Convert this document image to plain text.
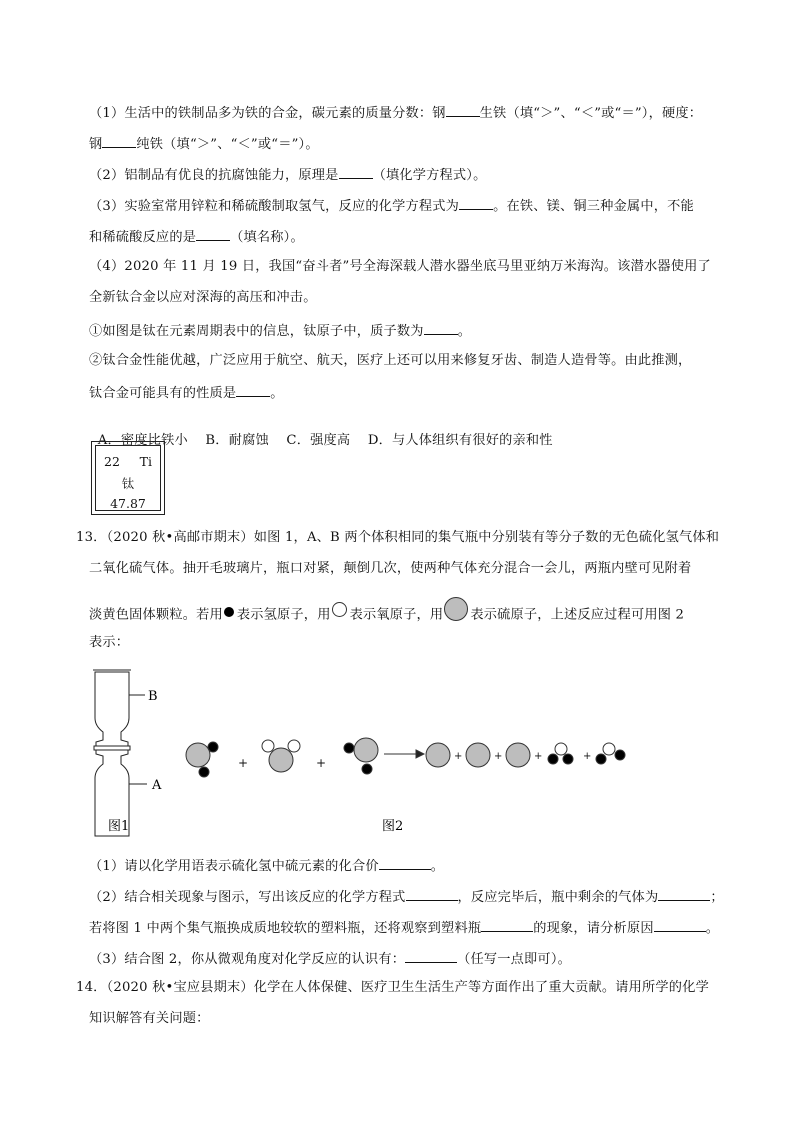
（1）生活中的铁制品多为铁的合金，碳元素的质量分数：钢	生铁（填“＞”、“＜”或“＝”），硬度：
钢	纯铁（填“＞”、“＜”或“＝”）。
（2）铝制品有优良的抗腐蚀能力，原理是	（填化学方程式）。
（3）实验室常用锌粒和稀硫酸制取氢气，反应的化学方程式为	。在铁、镁、铜三种金属中，不能
和稀硫酸反应的是	（填名称）。
（4）2020 年 11 月 19 日，我国“奋斗者”号全海深载人潜水器坐底马里亚纳万米海沟。该潜水器使用了
全新钛合金以应对深海的高压和冲击。
①如图是钛在元素周期表中的信息，钛原子中，质子数为	。
②钛合金性能优越，广泛应用于航空、航天，医疗上还可以用来修复牙齿、制造人造骨等。由此推测，
钛合金可能具有的性质是	。

A．密度比铁小    B．耐腐蚀    C．强度高    D．与人体组织有很好的亲和性

22 Ti
钛
47.87
13．（2020 秋•高邮市期末）如图 1，A、B 两个体积相同的集气瓶中分别装有等分子数的无色硫化氢气体和
二氧化硫气体。抽开毛玻璃片，瓶口对紧，颠倒几次，使两种气体充分混合一会儿，两瓶内壁可见附着
淡黄色固体颗粒。若用 表示氢原子，用 表示氧原子，用 表示硫原子，上述反应过程可用图 2
表示：
B
A
图1
+	+	+	+	+	+
图2
（1）请以化学用语表示硫化氢中硫元素的化合价	。
（2）结合相关现象与图示，写出该反应的化学方程式	，反应完毕后，瓶中剩余的气体为	；
若将图 1 中两个集气瓶换成质地较软的塑料瓶，还将观察到塑料瓶	的现象，请分析原因	。
（3）结合图 2，你从微观角度对化学反应的认识有：	（任写一点即可）。
14．（2020 秋•宝应县期末）化学在人体保健、医疗卫生生活生产等方面作出了重大贡献。请用所学的化学
知识解答有关问题：
